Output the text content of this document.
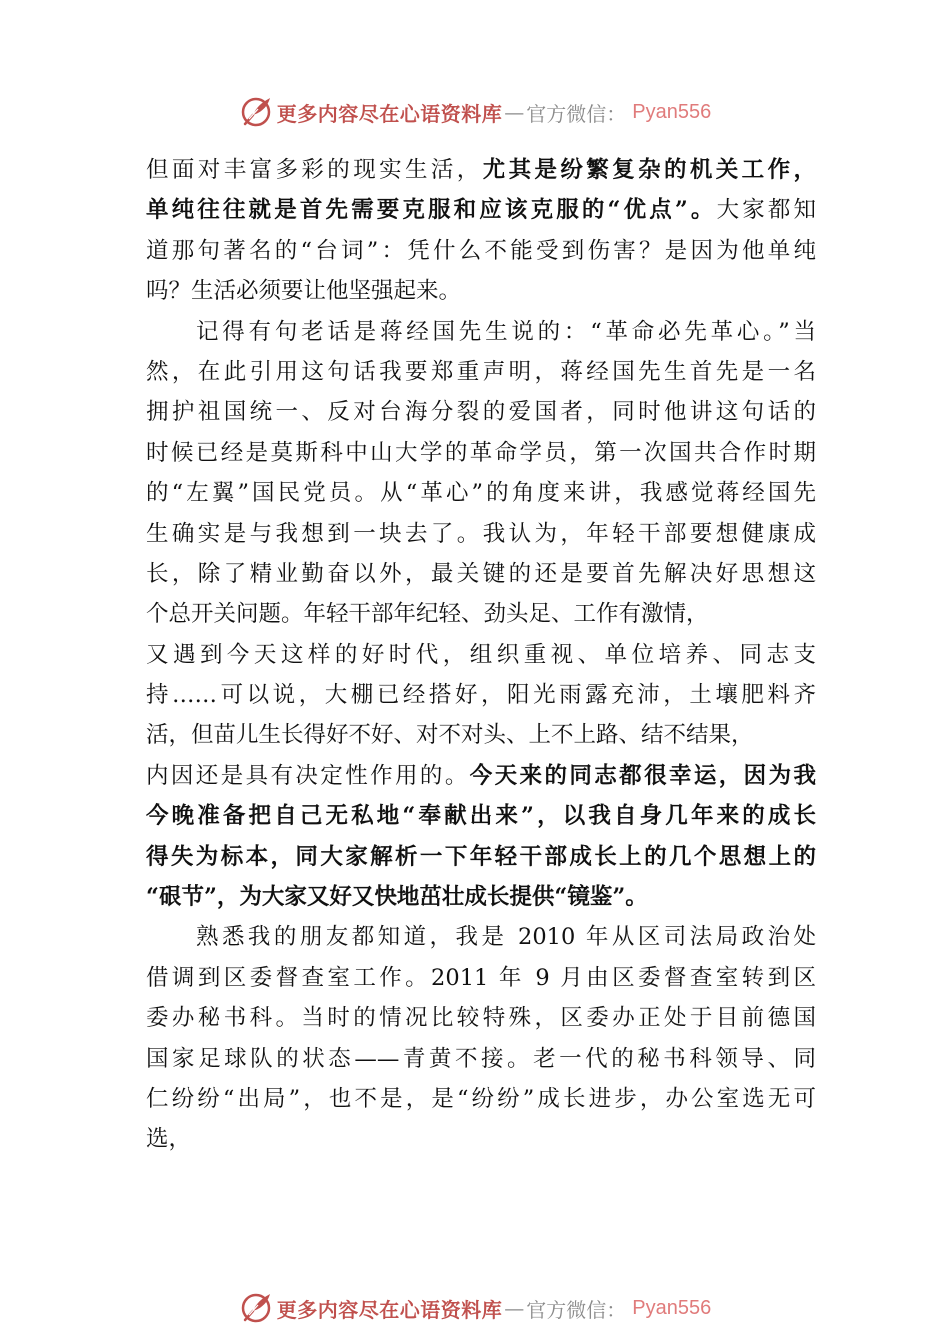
更多内容尽在心语资料库 — 官方微信： Pyan556
但面对丰富多彩的现实生活，尤其是纷繁复杂的机关工作，
单纯往往就是首先需要克服和应该克服的“优点”。大家都知
道那句著名的“台词”：凭什么不能受到伤害？是因为他单纯
吗？生活必须要让他坚强起来。
记得有句老话是蒋经国先生说的：“革命必先革心。”当
然，在此引用这句话我要郑重声明，蒋经国先生首先是一名
拥护祖国统一、反对台海分裂的爱国者，同时他讲这句话的
时候已经是莫斯科中山大学的革命学员，第一次国共合作时期
的“左翼”国民党员。从“革心”的角度来讲，我感觉蒋经国先
生确实是与我想到一块去了。我认为，年轻干部要想健康成
长，除了精业勤奋以外，最关键的还是要首先解决好思想这
个总开关问题。年轻干部年纪轻、劲头足、工作有激情，
又遇到今天这样的好时代，组织重视、单位培养、同志支
持……可以说，大棚已经搭好，阳光雨露充沛，土壤肥料齐
活，但苗儿生长得好不好、对不对头、上不上路、结不结果，
内因还是具有决定性作用的。今天来的同志都很幸运，因为我
今晚准备把自己无私地“奉献出来”，以我自身几年来的成长
得失为标本，同大家解析一下年轻干部成长上的几个思想上的
“硍节”，为大家又好又快地茁壮成长提供“镜鉴”。
熟悉我的朋友都知道，我是 2010 年从区司法局政治处
借调到区委督查室工作。2011 年 9 月由区委督查室转到区
委办秘书科。当时的情况比较特殊，区委办正处于目前德国
国家足球队的状态——青黄不接。老一代的秘书科领导、同
仁纷纷“出局”，也不是，是“纷纷”成长进步，办公室选无可
选，
更多内容尽在心语资料库 — 官方微信： Pyan556
